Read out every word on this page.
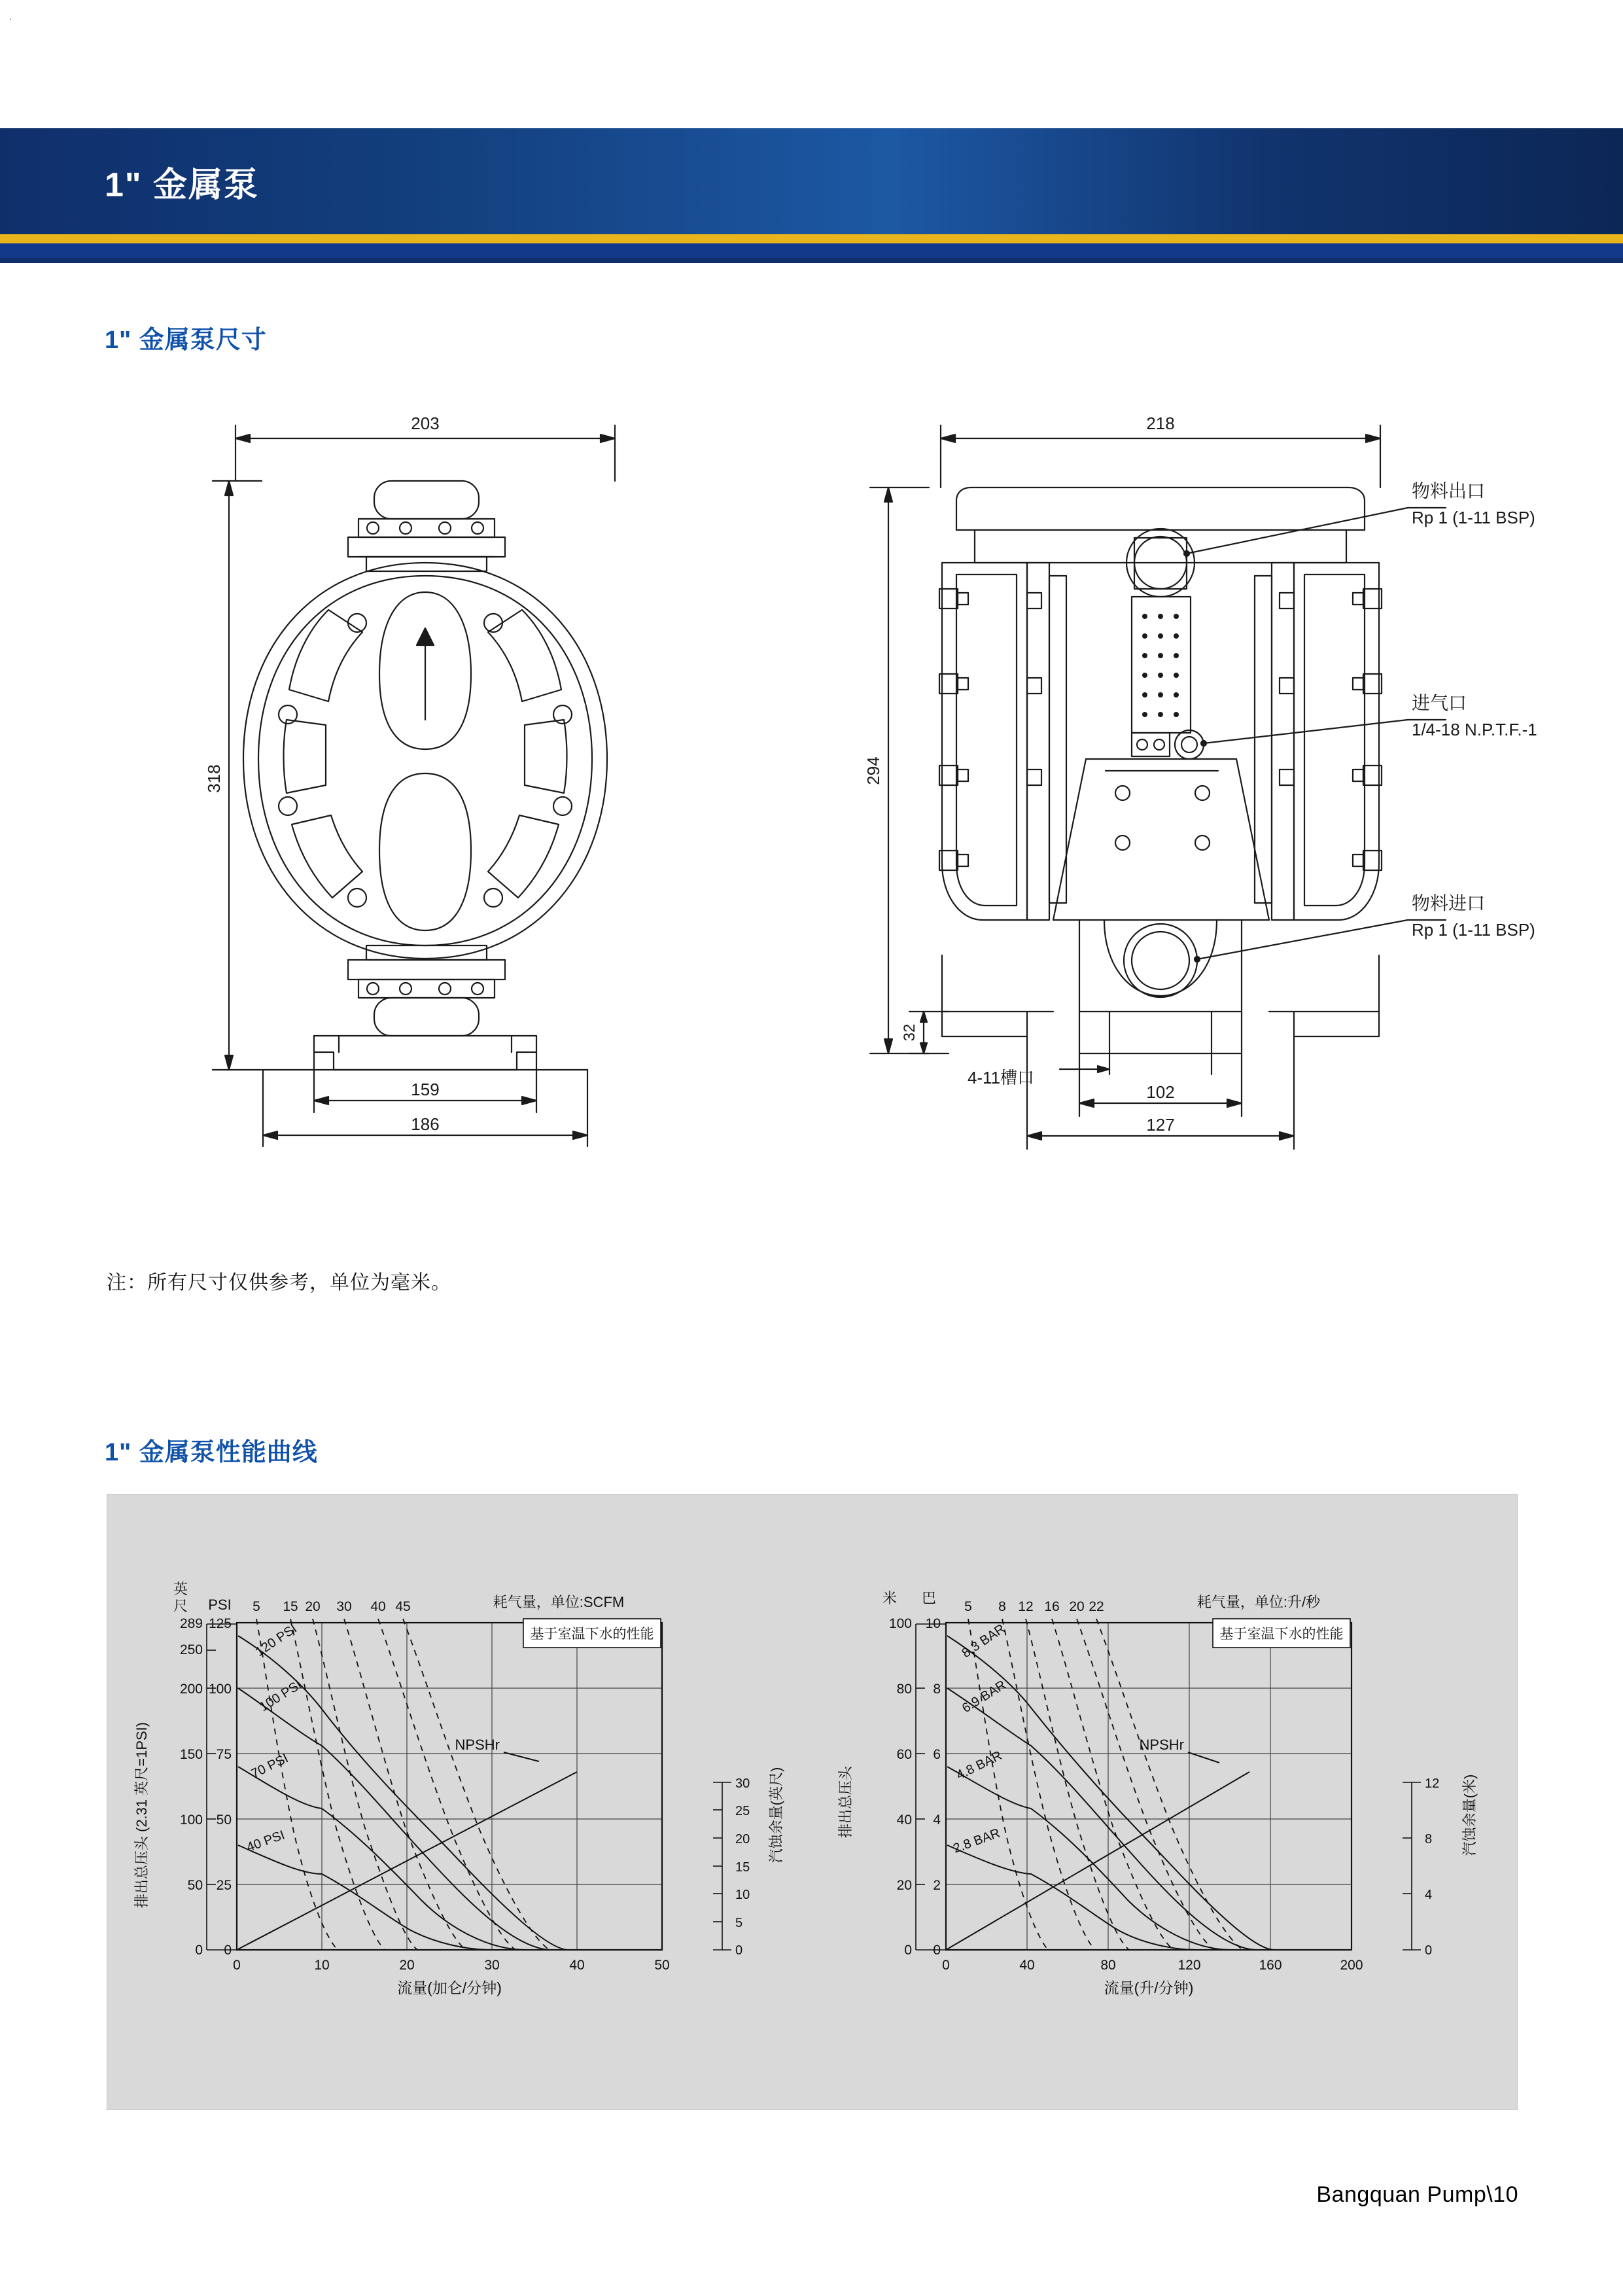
·
1" 金属泵
1" 金属泵尺寸
203
318
159
186
218
294
32
4-11槽口
102
127
物料出口
Rp 1 (1-11 BSP)
进气口
1/4-18 N.P.T.F.-1
物料进口
Rp 1 (1-11 BSP)
注：所有尺寸仅供参考，单位为毫米。
1" 金属泵性能曲线
排出总压头 (2.31 英尺=1PSI)
英
尺 PSI
汽蚀余量(英尺)
125
100
75
50
25
0
289
250
200
150
100
50
0
0	10	20	30	40	50
流量(加仑/分钟)
耗气量，单位:SCFM
5 15 20 30 40 45
基于室温下水的性能
120 PSI
100 PSI
70 PSI
40 PSI
NPSHr
30
25
20
15
10
5
0
排出总压头
米 巴
汽蚀余量(米)
10
8
6
4
2
0
100
80
60
40
20
0
0	40	80	120	160	200
流量(升/分钟)
耗气量，单位:升/秒
5 8 12 16 20 22
基于室温下水的性能
8.3 BAR
6.9 BAR
4.8 BAR
2.8 BAR
NPSHr
12
8
4
0
Bangquan Pump\10
